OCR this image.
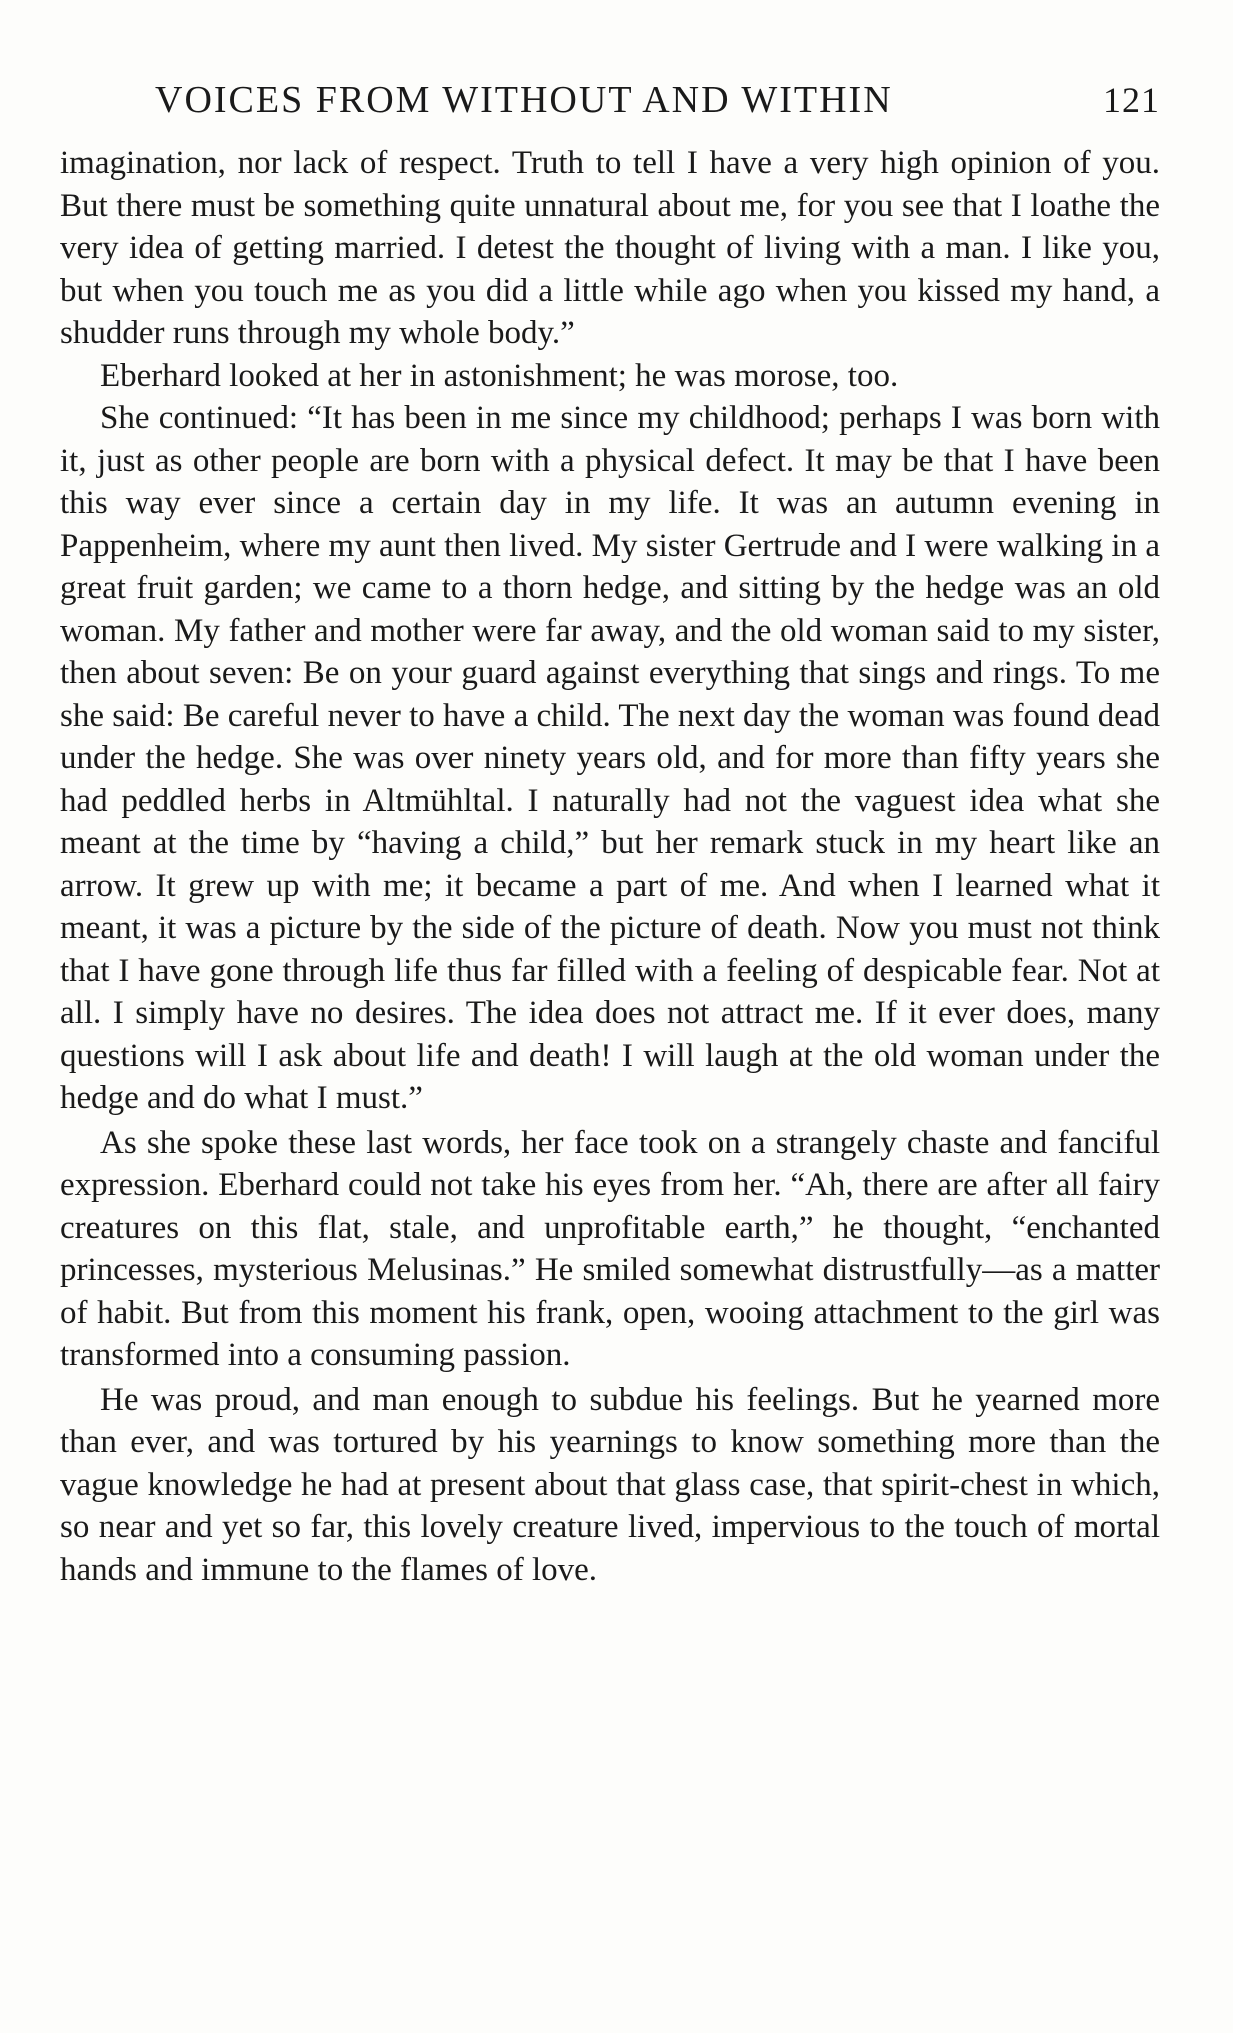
VOICES FROM WITHOUT AND WITHIN	121

imagination, nor lack of respect. Truth to tell I have a very high opinion of you. But there must be something quite unnatural about me, for you see that I loathe the very idea of getting married. I detest the thought of living with a man. I like you, but when you touch me as you did a little while ago when you kissed my hand, a shudder runs through my whole body.”

Eberhard looked at her in astonishment; he was morose, too.

She continued: “It has been in me since my childhood; perhaps I was born with it, just as other people are born with a physical defect. It may be that I have been this way ever since a certain day in my life. It was an autumn evening in Pappenheim, where my aunt then lived. My sister Gertrude and I were walking in a great fruit garden; we came to a thorn hedge, and sitting by the hedge was an old woman. My father and mother were far away, and the old woman said to my sister, then about seven: Be on your guard against everything that sings and rings. To me she said: Be careful never to have a child. The next day the woman was found dead under the hedge. She was over ninety years old, and for more than fifty years she had peddled herbs in Altmühltal. I naturally had not the vaguest idea what she meant at the time by “having a child,” but her remark stuck in my heart like an arrow. It grew up with me; it became a part of me. And when I learned what it meant, it was a picture by the side of the picture of death. Now you must not think that I have gone through life thus far filled with a feeling of despicable fear. Not at all. I simply have no desires. The idea does not attract me. If it ever does, many questions will I ask about life and death! I will laugh at the old woman under the hedge and do what I must.”

As she spoke these last words, her face took on a strangely chaste and fanciful expression. Eberhard could not take his eyes from her. “Ah, there are after all fairy creatures on this flat, stale, and unprofitable earth,” he thought, “enchanted princesses, mysterious Melusinas.” He smiled somewhat distrustfully—as a matter of habit. But from this moment his frank, open, wooing attachment to the girl was transformed into a consuming passion.

He was proud, and man enough to subdue his feelings. But he yearned more than ever, and was tortured by his yearnings to know something more than the vague knowledge he had at present about that glass case, that spirit-chest in which, so near and yet so far, this lovely creature lived, impervious to the touch of mortal hands and immune to the flames of love.
